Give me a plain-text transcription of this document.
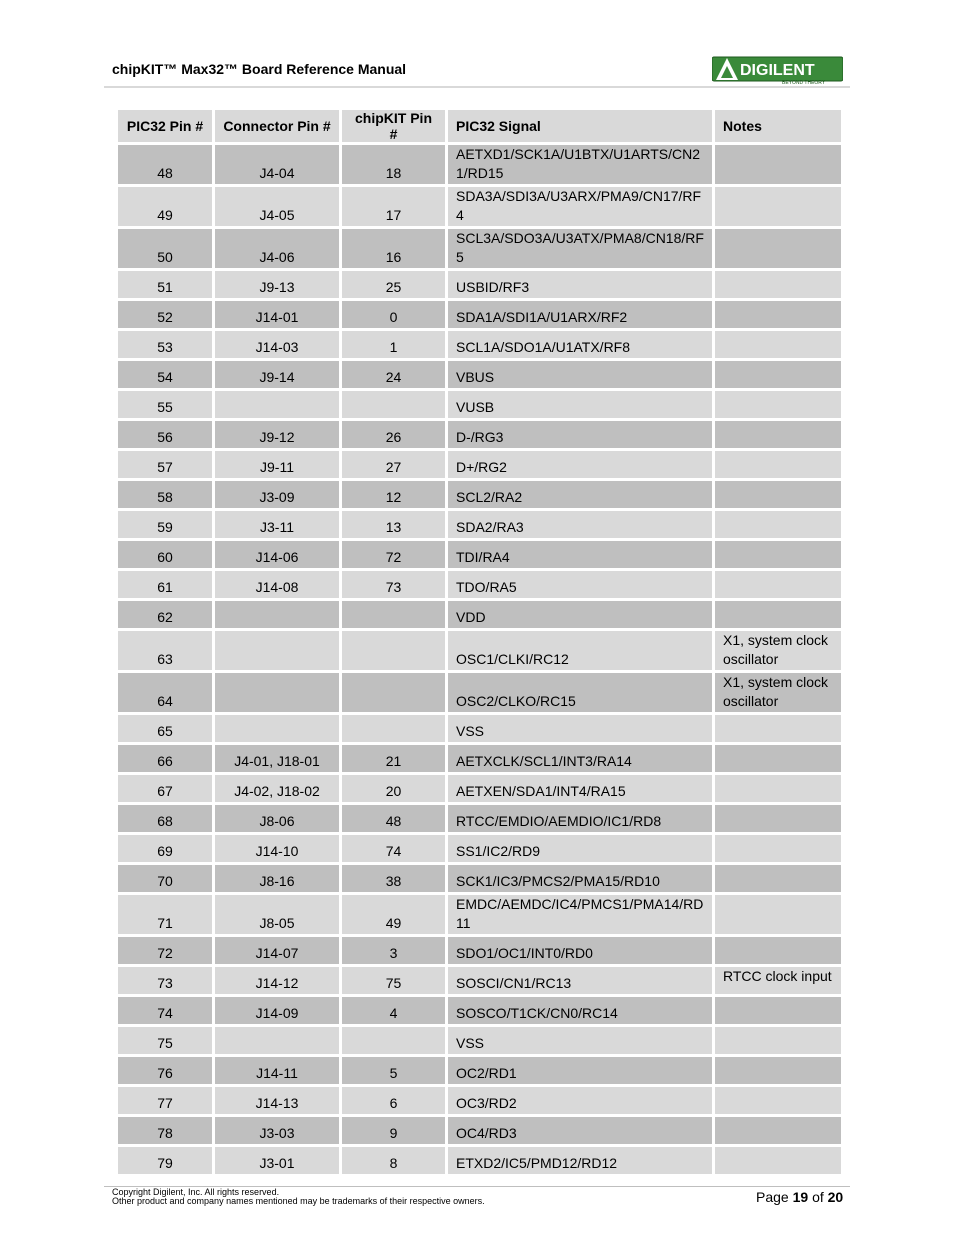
chipKIT™ Max32™ Board Reference Manual	DIGILENT
BEYOND THEORY
PIC32 Pin #	Connector Pin #	chipKIT Pin #	PIC32 Signal	Notes
48	J4-04	18	AETXD1/SCK1A/U1BTX/U1ARTS/CN21/RD15	
49	J4-05	17	SDA3A/SDI3A/U3ARX/PMA9/CN17/RF4	
50	J4-06	16	SCL3A/SDO3A/U3ATX/PMA8/CN18/RF5	
51	J9-13	25	USBID/RF3	
52	J14-01	0	SDA1A/SDI1A/U1ARX/RF2	
53	J14-03	1	SCL1A/SDO1A/U1ATX/RF8	
54	J9-14	24	VBUS	
55			VUSB	
56	J9-12	26	D-/RG3	
57	J9-11	27	D+/RG2	
58	J3-09	12	SCL2/RA2	
59	J3-11	13	SDA2/RA3	
60	J14-06	72	TDI/RA4	
61	J14-08	73	TDO/RA5	
62			VDD	
63			OSC1/CLKI/RC12	X1, system clock oscillator
64			OSC2/CLKO/RC15	X1, system clock oscillator
65			VSS	
66	J4-01, J18-01	21	AETXCLK/SCL1/INT3/RA14	
67	J4-02, J18-02	20	AETXEN/SDA1/INT4/RA15	
68	J8-06	48	RTCC/EMDIO/AEMDIO/IC1/RD8	
69	J14-10	74	SS1/IC2/RD9	
70	J8-16	38	SCK1/IC3/PMCS2/PMA15/RD10	
71	J8-05	49	EMDC/AEMDC/IC4/PMCS1/PMA14/RD11	
72	J14-07	3	SDO1/OC1/INT0/RD0	
73	J14-12	75	SOSCI/CN1/RC13	RTCC clock input
74	J14-09	4	SOSCO/T1CK/CN0/RC14	
75			VSS	
76	J14-11	5	OC2/RD1	
77	J14-13	6	OC3/RD2	
78	J3-03	9	OC4/RD3	
79	J3-01	8	ETXD2/IC5/PMD12/RD12	
Copyright Digilent, Inc. All rights reserved.
Other product and company names mentioned may be trademarks of their respective owners.	Page 19 of 20
